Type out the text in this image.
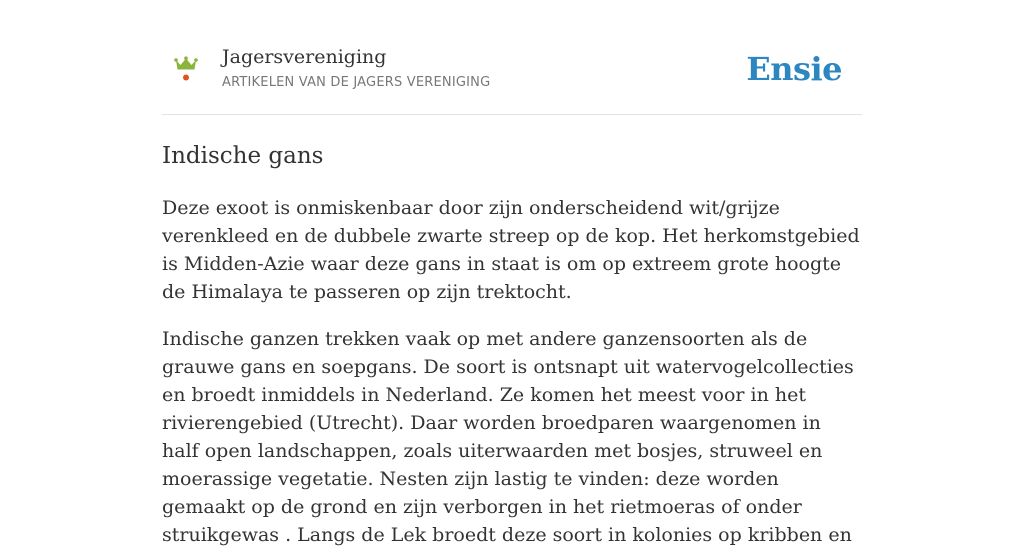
Jagersvereniging
ARTIKELEN VAN DE JAGERS VERENIGING	Ensie
Indische gans

Deze exoot is onmiskenbaar door zijn onderscheidend wit/grijze verenkleed en de dubbele zwarte streep op de kop. Het herkomstgebied is Midden-Azie waar deze gans in staat is om op extreem grote hoogte de Himalaya te passeren op zijn trektocht.

Indische ganzen trekken vaak op met andere ganzensoorten als de grauwe gans en soepgans. De soort is ontsnapt uit watervogelcollecties en broedt inmiddels in Nederland. Ze komen het meest voor in het rivierengebied (Utrecht). Daar worden broedparen waargenomen in half open landschappen, zoals uiterwaarden met bosjes, struweel en moerassige vegetatie. Nesten zijn lastig te vinden: deze worden gemaakt op de grond en zijn verborgen in het rietmoeras of onder struikgewas . Langs de Lek broedt deze soort in kolonies op kribben en
